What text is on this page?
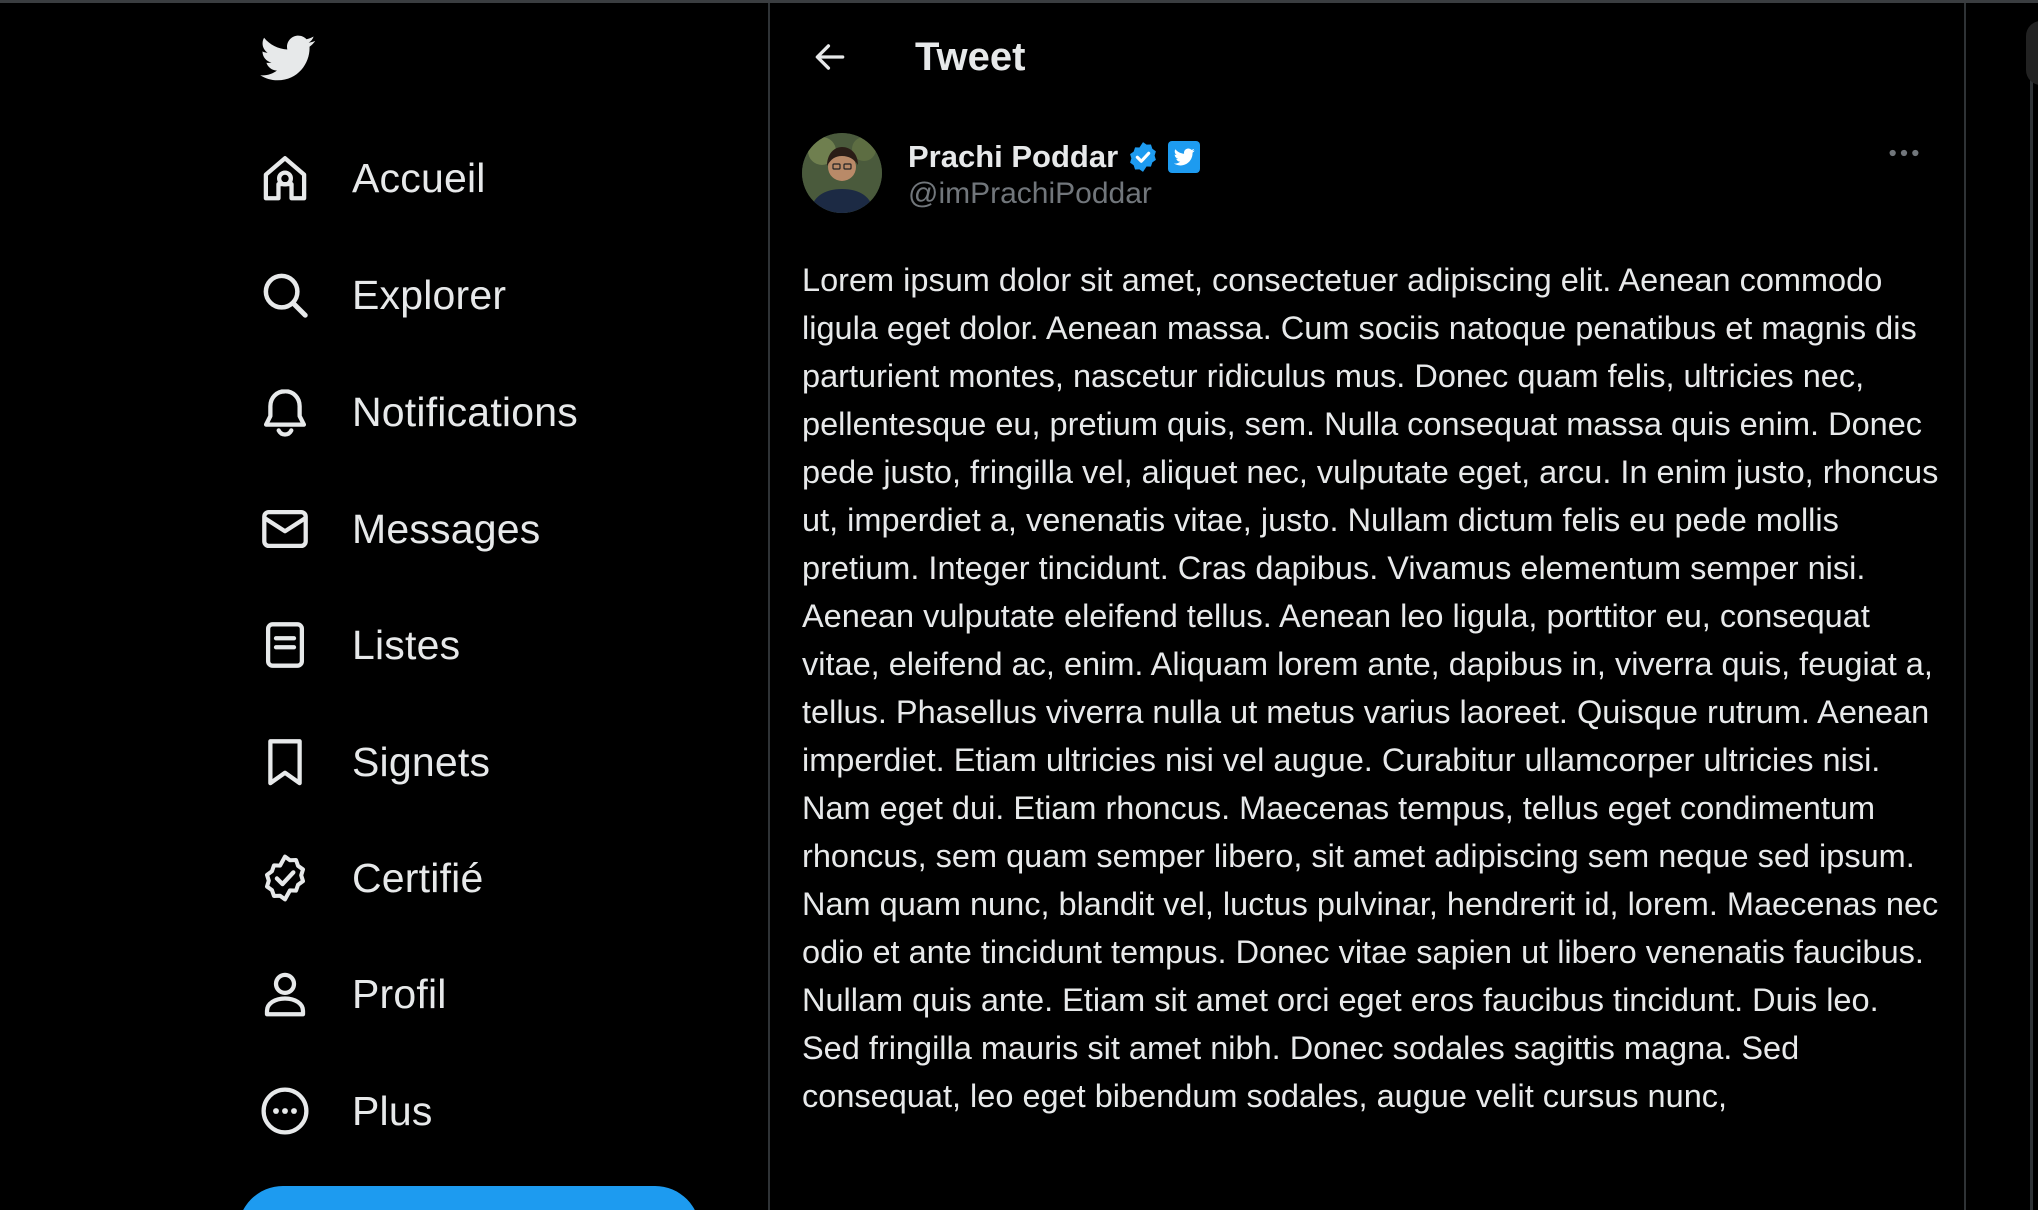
Accueil
Explorer
Notifications
Messages
Listes
Signets
Certifié
Profil
Plus
Tweet
Prachi Poddar
@imPrachiPoddar

Lorem ipsum dolor sit amet, consectetuer adipiscing elit. Aenean commodo ligula eget dolor. Aenean massa. Cum sociis natoque penatibus et magnis dis parturient montes, nascetur ridiculus mus. Donec quam felis, ultricies nec, pellentesque eu, pretium quis, sem. Nulla consequat massa quis enim. Donec pede justo, fringilla vel, aliquet nec, vulputate eget, arcu. In enim justo, rhoncus ut, imperdiet a, venenatis vitae, justo. Nullam dictum felis eu pede mollis pretium. Integer tincidunt. Cras dapibus. Vivamus elementum semper nisi. Aenean vulputate eleifend tellus. Aenean leo ligula, porttitor eu, consequat vitae, eleifend ac, enim. Aliquam lorem ante, dapibus in, viverra quis, feugiat a, tellus. Phasellus viverra nulla ut metus varius laoreet. Quisque rutrum. Aenean imperdiet. Etiam ultricies nisi vel augue. Curabitur ullamcorper ultricies nisi. Nam eget dui. Etiam rhoncus. Maecenas tempus, tellus eget condimentum rhoncus, sem quam semper libero, sit amet adipiscing sem neque sed ipsum. Nam quam nunc, blandit vel, luctus pulvinar, hendrerit id, lorem. Maecenas nec odio et ante tincidunt tempus. Donec vitae sapien ut libero venenatis faucibus. Nullam quis ante. Etiam sit amet orci eget eros faucibus tincidunt. Duis leo. Sed fringilla mauris sit amet nibh. Donec sodales sagittis magna. Sed consequat, leo eget bibendum sodales, augue velit cursus nunc,
